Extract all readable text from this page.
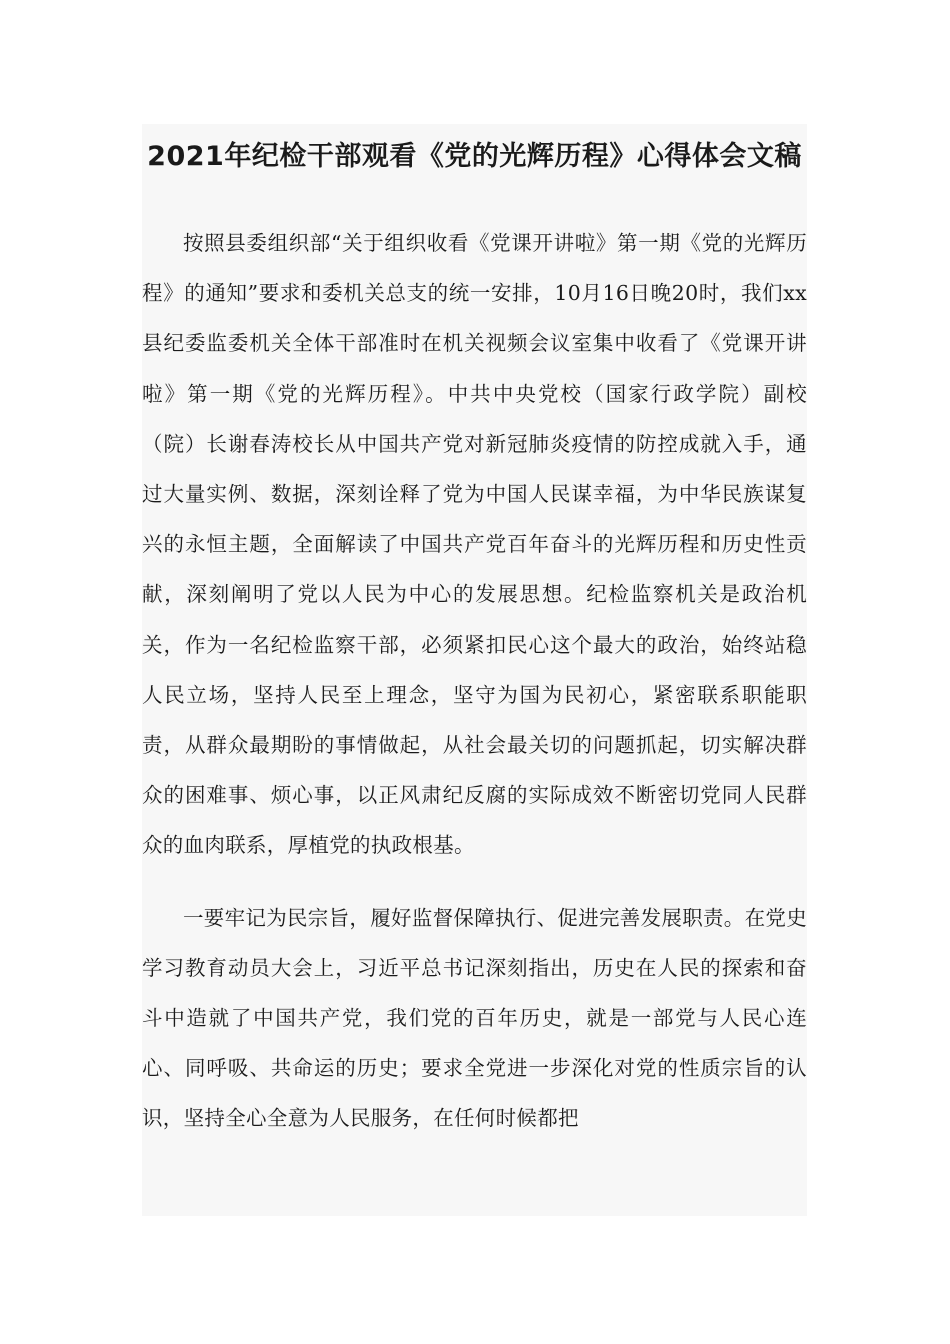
2021年纪检干部观看《党的光辉历程》心得体会文稿

按照县委组织部“关于组织收看《党课开讲啦》第一期《党的光辉历程》的通知”要求和委机关总支的统一安排，10月16日晚20时，我们xx县纪委监委机关全体干部准时在机关视频会议室集中收看了《党课开讲啦》第一期《党的光辉历程》。中共中央党校（国家行政学院）副校（院）长谢春涛校长从中国共产党对新冠肺炎疫情的防控成就入手，通过大量实例、数据，深刻诠释了党为中国人民谋幸福，为中华民族谋复兴的永恒主题，全面解读了中国共产党百年奋斗的光辉历程和历史性贡献，深刻阐明了党以人民为中心的发展思想。纪检监察机关是政治机关，作为一名纪检监察干部，必须紧扣民心这个最大的政治，始终站稳人民立场，坚持人民至上理念，坚守为国为民初心，紧密联系职能职责，从群众最期盼的事情做起，从社会最关切的问题抓起，切实解决群众的困难事、烦心事，以正风肃纪反腐的实际成效不断密切党同人民群众的血肉联系，厚植党的执政根基。

一要牢记为民宗旨，履好监督保障执行、促进完善发展职责。在党史学习教育动员大会上，习近平总书记深刻指出，历史在人民的探索和奋斗中造就了中国共产党，我们党的百年历史，就是一部党与人民心连心、同呼吸、共命运的历史；要求全党进一步深化对党的性质宗旨的认识，坚持全心全意为人民服务，在任何时候都把
